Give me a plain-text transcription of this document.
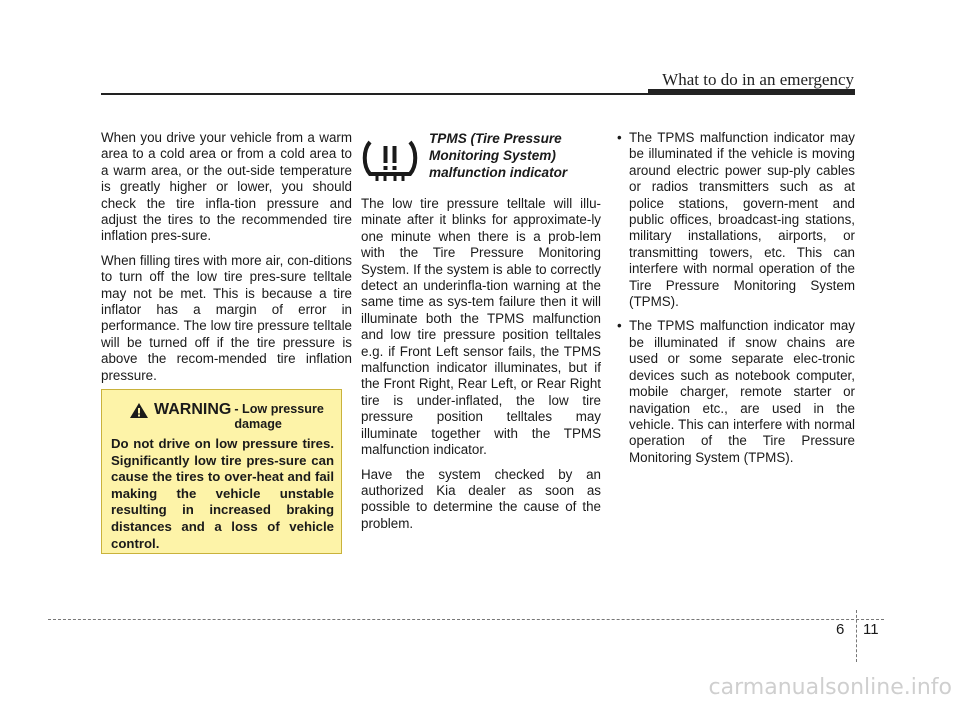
What to do in an emergency

When you drive your vehicle from a warm area to a cold area or from a cold area to a warm area, or the out-side temperature is greatly higher or lower, you should check the tire infla-tion pressure and adjust the tires to the recommended tire inflation pres-sure.

When filling tires with more air, con-ditions to turn off the low tire pres-sure telltale may not be met. This is because a tire inflator has a margin of error in performance. The low tire pressure telltale will be turned off if the tire pressure is above the recom-mended tire inflation pressure.

WARNING - Low pressure damage
Do not drive on low pressure tires. Significantly low tire pres-sure can cause the tires to over-heat and fail making the vehicle unstable resulting in increased braking distances and a loss of vehicle control.
TPMS (Tire Pressure Monitoring System) malfunction indicator

The low tire pressure telltale will illu-minate after it blinks for approximate-ly one minute when there is a prob-lem with the Tire Pressure Monitoring System. If the system is able to correctly detect an underinfla-tion warning at the same time as sys-tem failure then it will illuminate both the TPMS malfunction and low tire pressure position telltales e.g. if Front Left sensor fails, the TPMS malfunction indicator illuminates, but if the Front Right, Rear Left, or Rear Right tire is under-inflated, the low tire pressure position telltales may illuminate together with the TPMS malfunction indicator.

Have the system checked by an authorized Kia dealer as soon as possible to determine the cause of the problem.

• The TPMS malfunction indicator may be illuminated if the vehicle is moving around electric power sup-ply cables or radios transmitters such as at police stations, govern-ment and public offices, broadcast-ing stations, military installations, airports, or transmitting towers, etc. This can interfere with normal operation of the Tire Pressure Monitoring System (TPMS).
• The TPMS malfunction indicator may be illuminated if snow chains are used or some separate elec-tronic devices such as notebook computer, mobile charger, remote starter or navigation etc., are used in the vehicle. This can interfere with normal operation of the Tire Pressure Monitoring System (TPMS).
6 11
carmanualsonline.info
